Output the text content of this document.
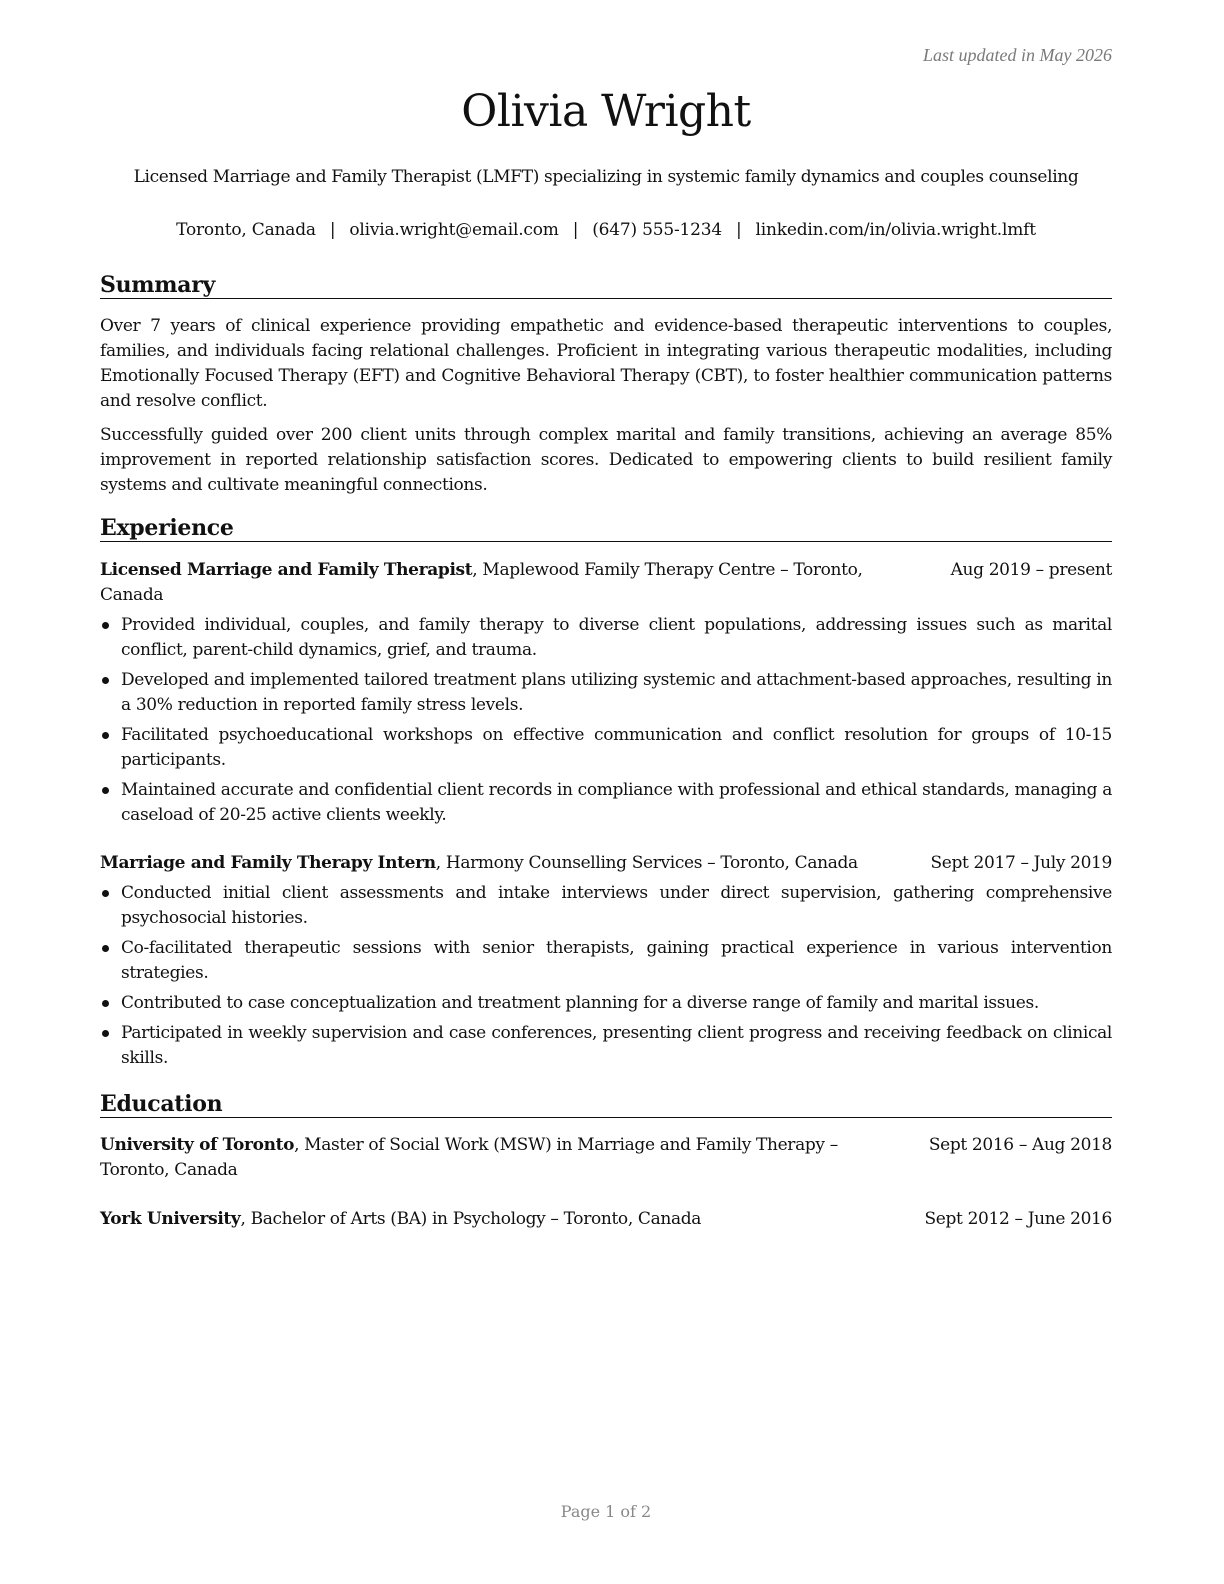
Last updated in May 2026
Olivia Wright
Licensed Marriage and Family Therapist (LMFT) specializing in systemic family dynamics and couples counseling
Toronto, Canada | olivia.wright@email.com | (647) 555-1234 | linkedin.com/in/olivia.wright.lmft
Summary

Over 7 years of clinical experience providing empathetic and evidence-based therapeutic interventions to couples, families, and individuals facing relational challenges. Proficient in integrating various therapeutic modalities, including Emotionally Focused Therapy (EFT) and Cognitive Behavioral Therapy (CBT), to foster healthier communication patterns and resolve conflict.

Successfully guided over 200 client units through complex marital and family transitions, achieving an average 85% improvement in reported relationship satisfaction scores. Dedicated to empowering clients to build resilient family systems and cultivate meaningful connections.

Experience
Licensed Marriage and Family Therapist, Maplewood Family Therapy Centre – Toronto, Canada
Aug 2019 – present
Provided individual, couples, and family therapy to diverse client populations, addressing issues such as marital conflict, parent-child dynamics, grief, and trauma.
Developed and implemented tailored treatment plans utilizing systemic and attachment-based approaches, resulting in a 30% reduction in reported family stress levels.
Facilitated psychoeducational workshops on effective communication and conflict resolution for groups of 10-15 participants.
Maintained accurate and confidential client records in compliance with professional and ethical standards, managing a caseload of 20-25 active clients weekly.
Marriage and Family Therapy Intern, Harmony Counselling Services – Toronto, Canada	Sept 2017 – July 2019
Conducted initial client assessments and intake interviews under direct supervision, gathering comprehensive psychosocial histories.
Co-facilitated therapeutic sessions with senior therapists, gaining practical experience in various intervention strategies.
Contributed to case conceptualization and treatment planning for a diverse range of family and marital issues.
Participated in weekly supervision and case conferences, presenting client progress and receiving feedback on clinical skills.
Education
University of Toronto, Master of Social Work (MSW) in Marriage and Family Therapy – Toronto, Canada
Sept 2016 – Aug 2018
York University, Bachelor of Arts (BA) in Psychology – Toronto, Canada	Sept 2012 – June 2016
Page 1 of 2
